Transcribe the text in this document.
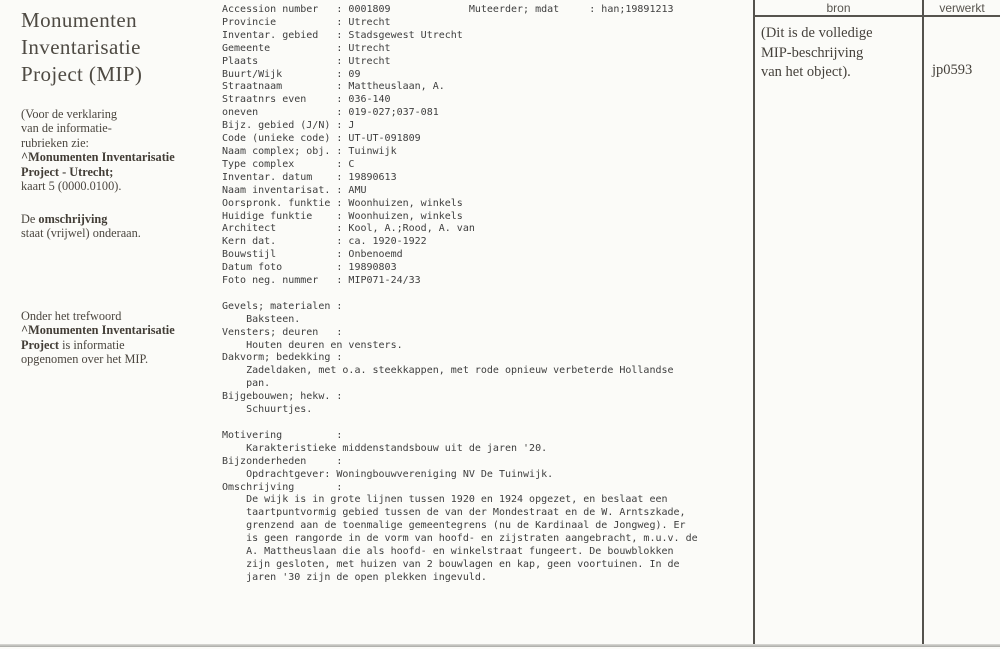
Monumenten
Inventarisatie
Project (MIP)
(Voor de verklaring
van de informatie-
rubrieken zie:
^Monumenten Inventarisatie
Project - Utrecht;
kaart 5 (0000.0100).
De omschrijving
staat (vrijwel) onderaan.
Onder het trefwoord
^Monumenten Inventarisatie
Project is informatie
opgenomen over het MIP.
Accession number   : 0001809             Muteerder; mdat     : han;19891213
Provincie          : Utrecht
Inventar. gebied   : Stadsgewest Utrecht
Gemeente           : Utrecht
Plaats             : Utrecht
Buurt/Wijk         : 09
Straatnaam         : Mattheuslaan, A.
Straatnrs even     : 036-140
oneven             : 019-027;037-081
Bijz. gebied (J/N) : J
Code (unieke code) : UT-UT-091809
Naam complex; obj. : Tuinwijk
Type complex       : C
Inventar. datum    : 19890613
Naam inventarisat. : AMU
Oorspronk. funktie : Woonhuizen, winkels
Huidige funktie    : Woonhuizen, winkels
Architect          : Kool, A.;Rood, A. van
Kern dat.          : ca. 1920-1922
Bouwstijl          : Onbenoemd
Datum foto         : 19890803
Foto neg. nummer   : MIP071-24/33

Gevels; materialen :
Baksteen.
Vensters; deuren   :
Houten deuren en vensters.
Dakvorm; bedekking :
Zadeldaken, met o.a. steekkappen, met rode opnieuw verbeterde Hollandse
pan.
Bijgebouwen; hekw. :
Schuurtjes.

Motivering         :
Karakteristieke middenstandsbouw uit de jaren '20.
Bijzonderheden     :
Opdrachtgever: Woningbouwvereniging NV De Tuinwijk.
Omschrijving       :
De wijk is in grote lijnen tussen 1920 en 1924 opgezet, en beslaat een
taartpuntvormig gebied tussen de van der Mondestraat en de W. Arntszkade,
grenzend aan de toenmalige gemeentegrens (nu de Kardinaal de Jongweg). Er
is geen rangorde in de vorm van hoofd- en zijstraten aangebracht, m.u.v. de
A. Mattheuslaan die als hoofd- en winkelstraat fungeert. De bouwblokken
zijn gesloten, met huizen van 2 bouwlagen en kap, geen voortuinen. In de
jaren '30 zijn de open plekken ingevuld.
bron	verwerkt
(Dit is de volledige
MIP-beschrijving
van het object).	jp0593
